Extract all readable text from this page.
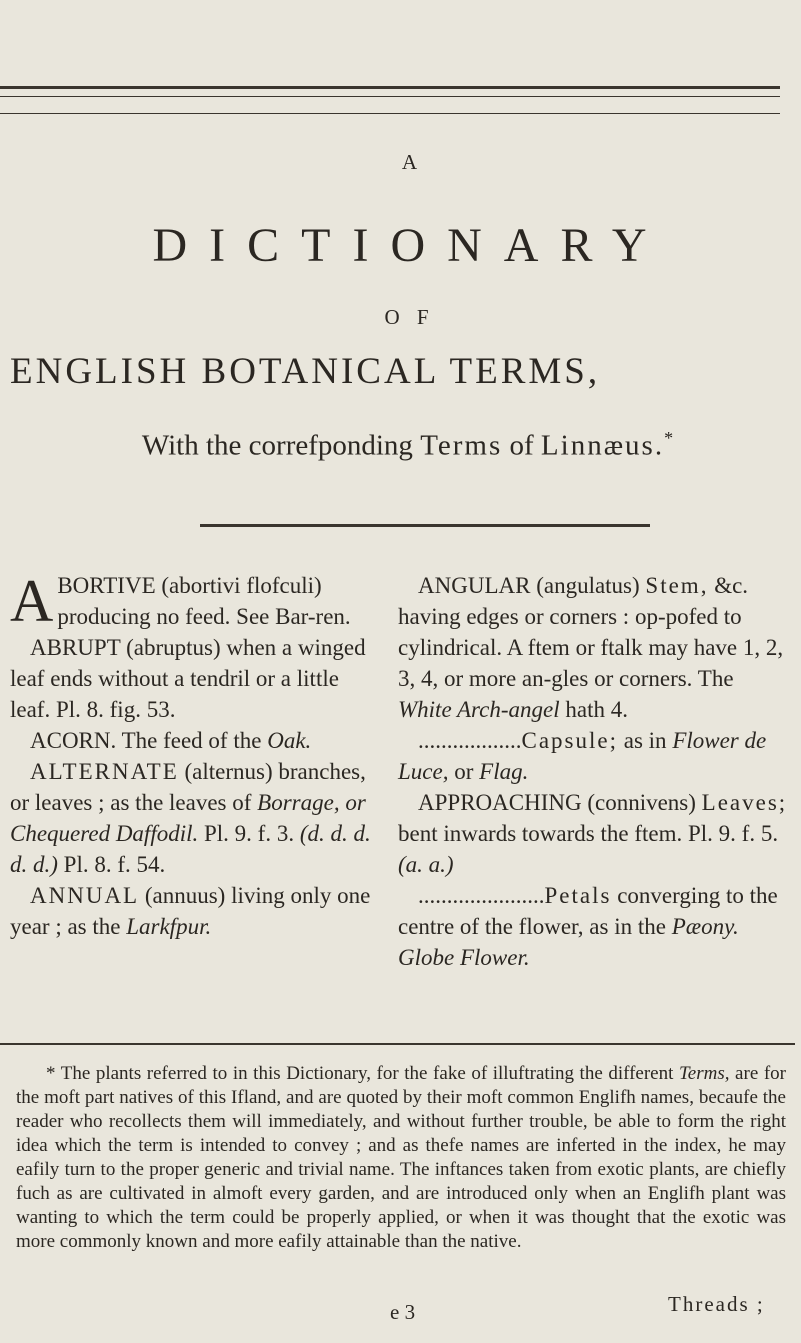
A
DICTIONARY
O F
ENGLISH BOTANICAL TERMS,
With the correfponding Terms of Linnæus.*

ABORTIVE (abortivi flofculi) producing no feed. See Bar-ren.

ABRUPT (abruptus) when a winged leaf ends without a tendril or a little leaf. Pl. 8. fig. 53.

ACORN. The feed of the Oak.

ALTERNATE (alternus) branches, or leaves ; as the leaves of Borrage, or Chequered Daffodil. Pl. 9. f. 3. (d. d. d. d. d.) Pl. 8. f. 54.

ANNUAL (annuus) living only one year ; as the Larkfpur.

ANGULAR (angulatus) Stem, &c. having edges or corners : op-pofed to cylindrical. A ftem or ftalk may have 1, 2, 3, 4, or more an-gles or corners. The White Arch-angel hath 4.

..................Capsule; as in Flower de Luce, or Flag.

APPROACHING (connivens) Leaves; bent inwards towards the ftem. Pl. 9. f. 5. (a. a.)

......................Petals converging to the centre of the flower, as in the Pæony. Globe Flower.

* The plants referred to in this Dictionary, for the fake of illuftrating the different Terms, are for the moft part natives of this Ifland, and are quoted by their moft common Englifh names, becaufe the reader who recollects them will immediately, and without further trouble, be able to form the right idea which the term is intended to convey ; and as thefe names are inferted in the index, he may eafily turn to the proper generic and trivial name. The inftances taken from exotic plants, are chiefly fuch as are cultivated in almoft every garden, and are introduced only when an Englifh plant was wanting to which the term could be properly applied, or when it was thought that the exotic was more commonly known and more eafily attainable than the native.

e 3	Threads ;
